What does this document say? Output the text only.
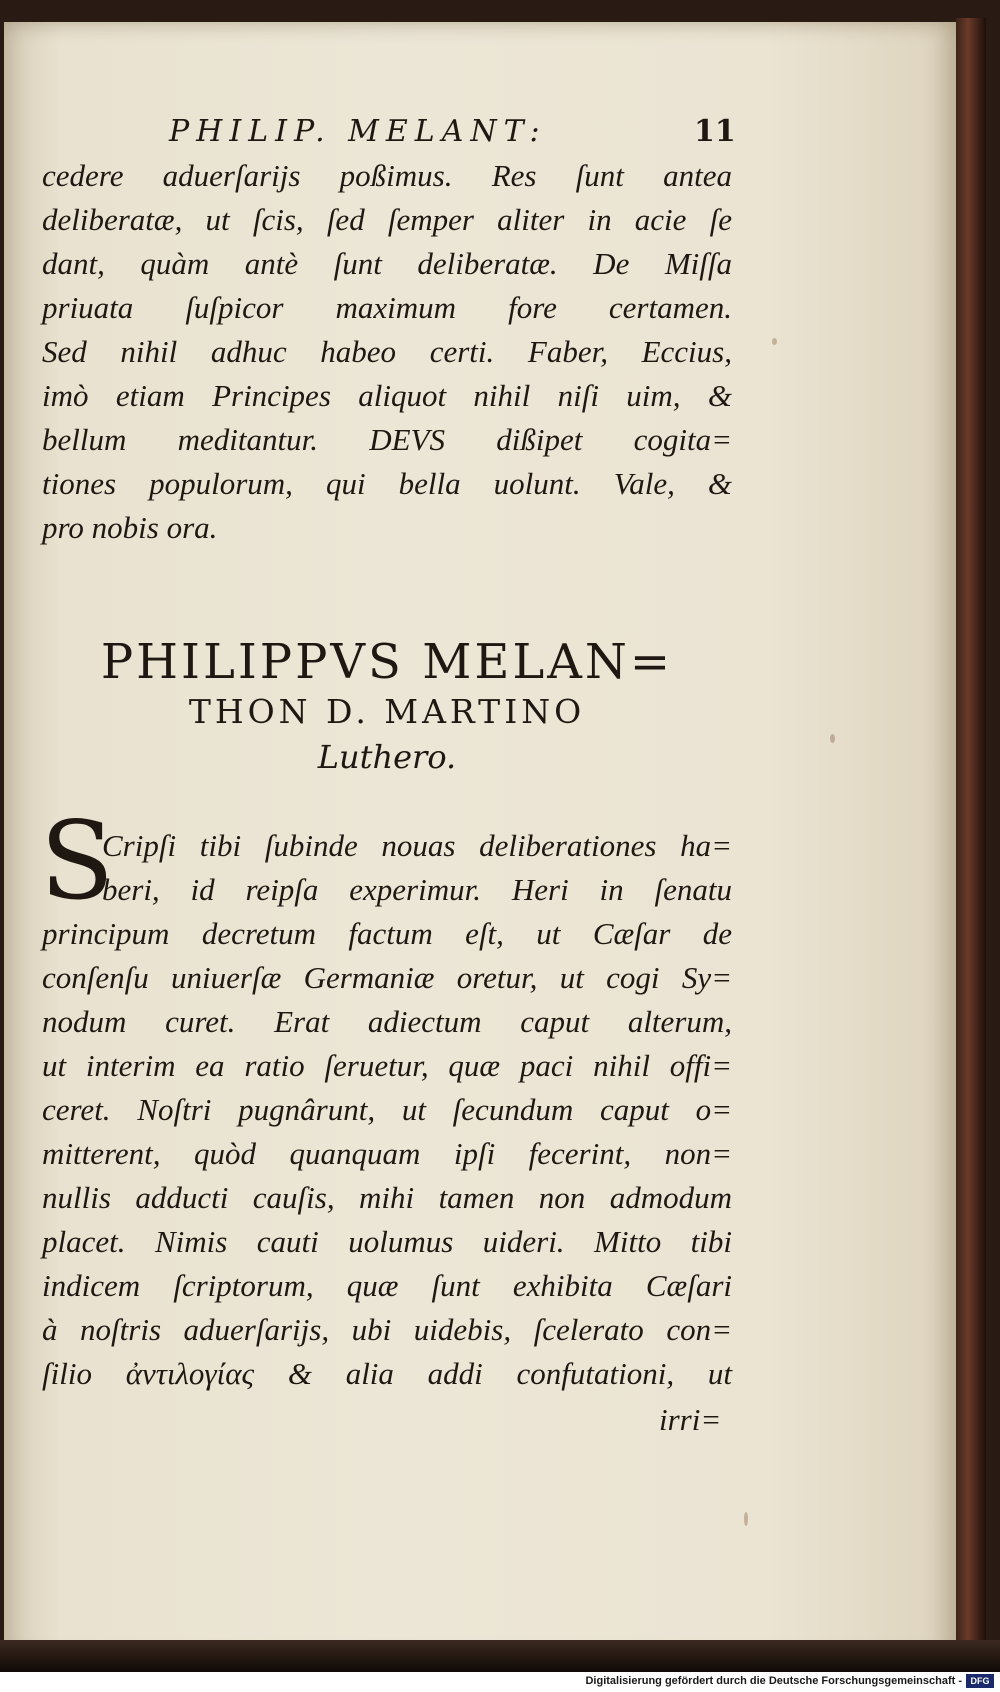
PHILIP. MELANT:	11
cedere aduerſarijs poßimus. Res ſunt antea
deliberatæ, ut ſcis, ſed ſemper aliter in acie ſe
dant, quàm antè ſunt deliberatæ. De Miſſa
priuata ſuſpicor maximum fore certamen.
Sed nihil adhuc habeo certi. Faber, Eccius,
imò etiam Principes aliquot nihil niſi uim, &
bellum meditantur. DEVS dißipet cogita=
tiones populorum, qui bella uolunt. Vale, &
pro nobis ora.
PHILIPPVS MELAN=
THON D. MARTINO
Luthero.
S
Cripſi tibi ſubinde nouas deliberationes ha=
beri, id reipſa experimur. Heri in ſenatu
principum decretum factum eſt, ut Cæſar de
conſenſu uniuerſæ Germaniæ oretur, ut cogi Sy=
nodum curet. Erat adiectum caput alterum,
ut interim ea ratio ſeruetur, quæ paci nihil offi=
ceret. Noſtri pugnârunt, ut ſecundum caput o=
mitterent, quòd quanquam ipſi fecerint, non=
nullis adducti cauſis, mihi tamen non admodum
placet. Nimis cauti uolumus uideri. Mitto tibi
indicem ſcriptorum, quæ ſunt exhibita Cæſari
à noſtris aduerſarijs, ubi uidebis, ſcelerato con=
ſilio ἀντιλογίας & alia addi confutationi, ut
irri=
Digitalisierung gefördert durch die Deutsche Forschungsgemeinschaft - DFG
